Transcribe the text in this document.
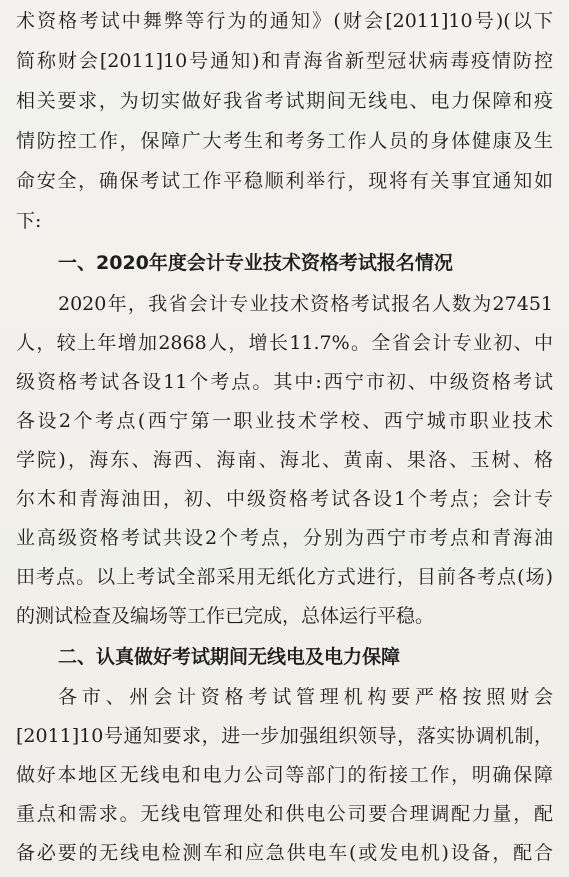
术资格考试中舞弊等行为的通知》(财会[2011]10号)(以下
简称财会[2011]10号通知)和青海省新型冠状病毒疫情防控
相关要求，为切实做好我省考试期间无线电、电力保障和疫
情防控工作，保障广大考生和考务工作人员的身体健康及生
命安全，确保考试工作平稳顺利举行，现将有关事宜通知如
下:
一、2020年度会计专业技术资格考试报名情况
2020年，我省会计专业技术资格考试报名人数为27451
人，较上年增加2868人，增长11.7%。全省会计专业初、中
级资格考试各设11个考点。其中:西宁市初、中级资格考试
各设2个考点(西宁第一职业技术学校、西宁城市职业技术
学院)，海东、海西、海南、海北、黄南、果洛、玉树、格
尔木和青海油田，初、中级资格考试各设1个考点；会计专
业高级资格考试共设2个考点，分别为西宁市考点和青海油
田考点。以上考试全部采用无纸化方式进行，目前各考点(场)
的测试检查及编场等工作已完成，总体运行平稳。
二、认真做好考试期间无线电及电力保障
各市、州会计资格考试管理机构要严格按照财会
[2011]10号通知要求，进一步加强组织领导，落实协调机制，
做好本地区无线电和电力公司等部门的衔接工作，明确保障
重点和需求。无线电管理处和供电公司要合理调配力量，配
备必要的无线电检测车和应急供电车(或发电机)设备，配合
